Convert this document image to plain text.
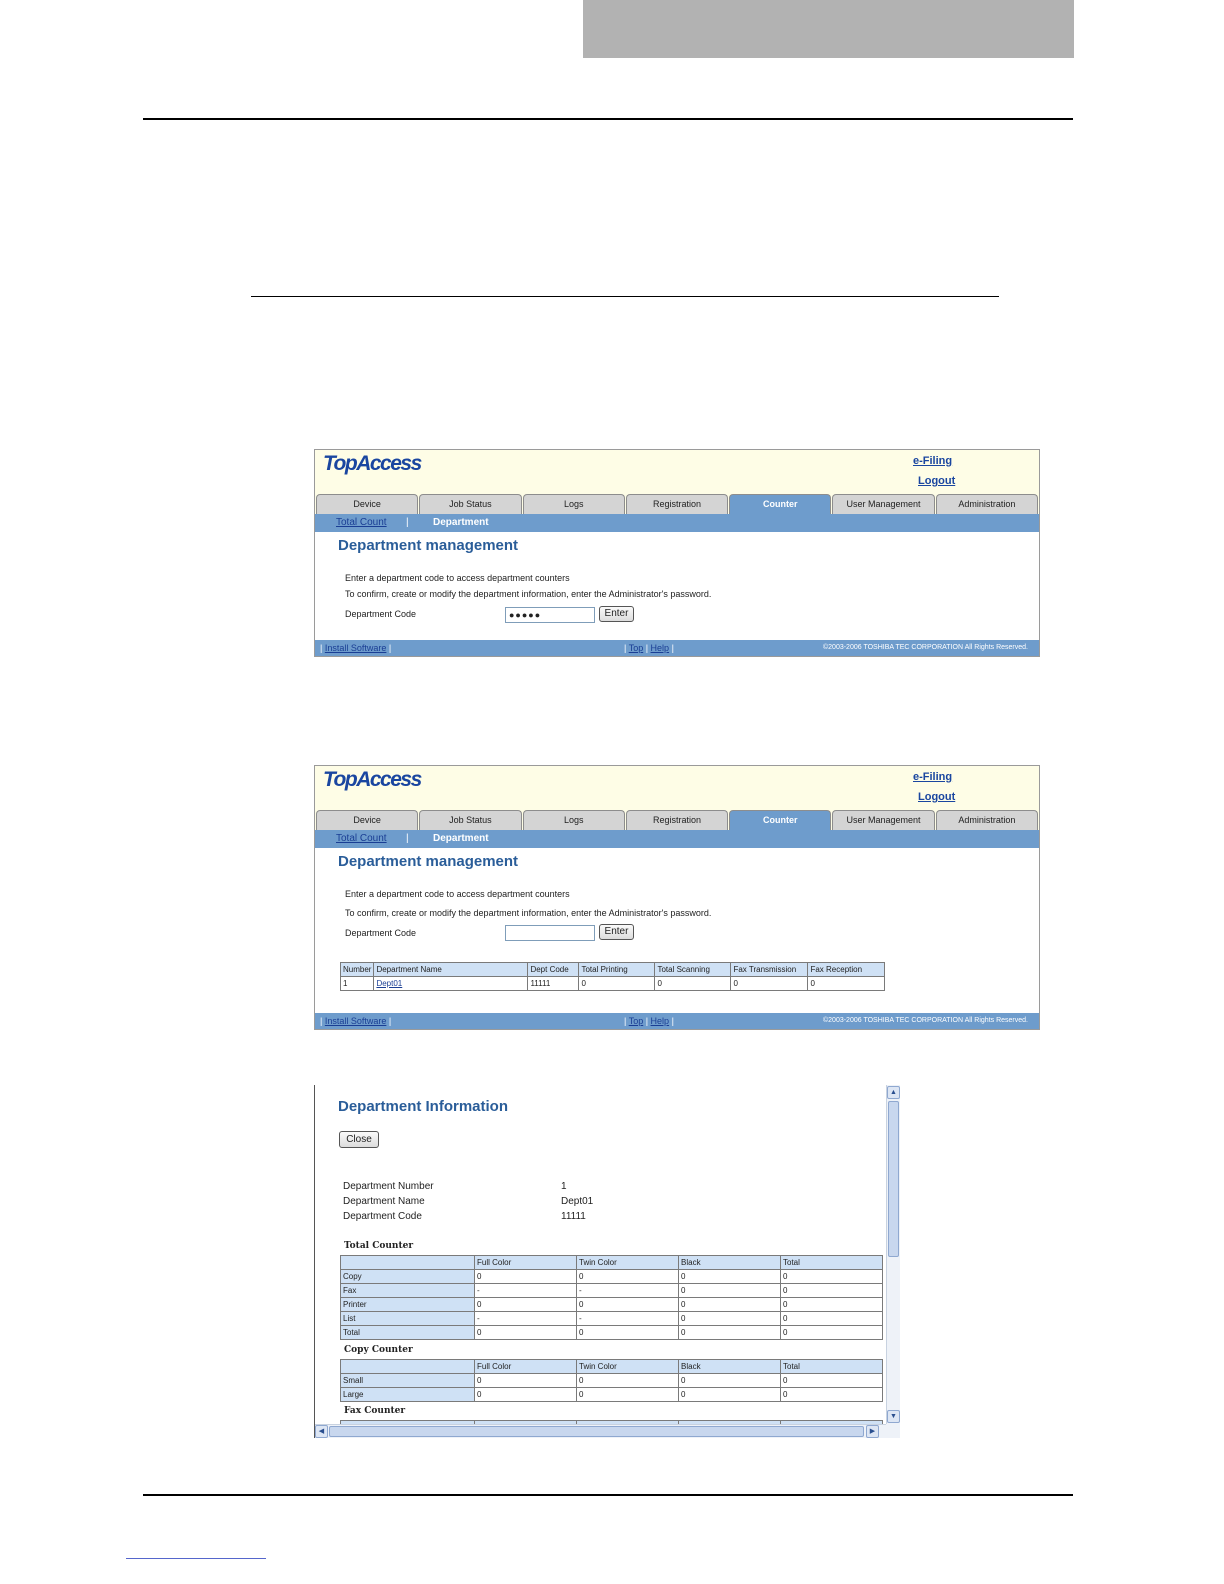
TopAccess	e-Filing
Logout
Device	Job Status	Logs	Registration	Counter	User Management	Administration
Total Count | Department
Department management
Enter a department code to access department counters
To confirm, create or modify the department information, enter the Administrator's password.
Department Code	●●●●●	Enter
| Install Software |	| Top | Help |	©2003-2006 TOSHIBA TEC CORPORATION All Rights Reserved.
TopAccess	e-Filing
Logout
Device	Job Status	Logs	Registration	Counter	User Management	Administration
Total Count | Department
Department management
Enter a department code to access department counters
To confirm, create or modify the department information, enter the Administrator's password.
Department Code	Enter
Number	Department Name	Dept Code	Total Printing	Total Scanning	Fax Transmission	Fax Reception
1	Dept01	11111	0	0	0	0
| Install Software |	| Top | Help |	©2003-2006 TOSHIBA TEC CORPORATION All Rights Reserved.
Department Information
Close
Department Number	1
Department Name	Dept01
Department Code	11111
Total Counter
	Full Color	Twin Color	Black	Total
Copy	0	0	0	0
Fax	-	-	0	0
Printer	0	0	0	0
List	-	-	0	0
Total	0	0	0	0
Copy Counter
	Full Color	Twin Color	Black	Total
Small	0	0	0	0
Large	0	0	0	0
Fax Counter

▲
▼
◀	▶
